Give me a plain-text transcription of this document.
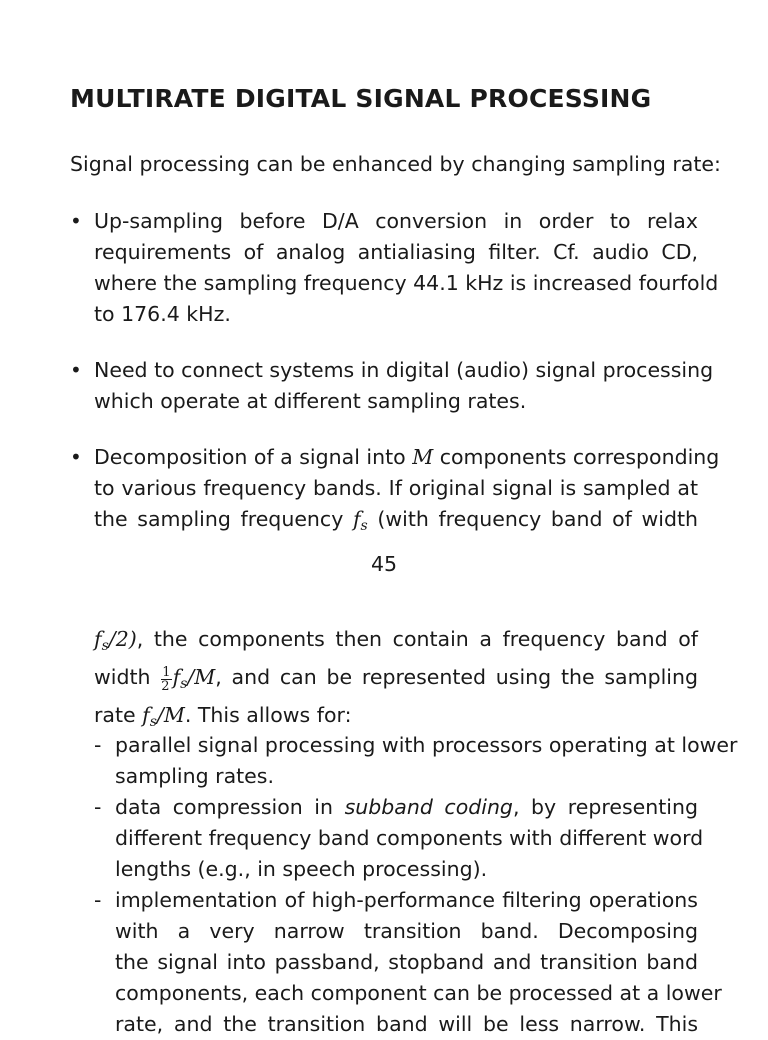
MULTIRATE DIGITAL SIGNAL PROCESSING
Signal processing can be enhanced by changing sampling rate:
• Up-sampling before D/A conversion in order to relax
requirements of analog antialiasing filter. Cf. audio CD,
where the sampling frequency 44.1 kHz is increased fourfold
to 176.4 kHz.
• Need to connect systems in digital (audio) signal processing
which operate at different sampling rates.
• Decomposition of a signal into M components corresponding
to various frequency bands. If original signal is sampled at
the sampling frequency $f_s$ (with frequency band of width
45
$f_s/2$), the components then contain a frequency band of
width $\frac{1}{2} f_s/M$, and can be represented using the sampling
rate $f_s/M$. This allows for:
- parallel signal processing with processors operating at lower
sampling rates.
- data compression in subband coding, by representing
different frequency band components with different word
lengths (e.g., in speech processing).
- implementation of high-performance filtering operations
with a very narrow transition band. Decomposing
the signal into passband, stopband and transition band
components, each component can be processed at a lower
rate, and the transition band will be less narrow. This
